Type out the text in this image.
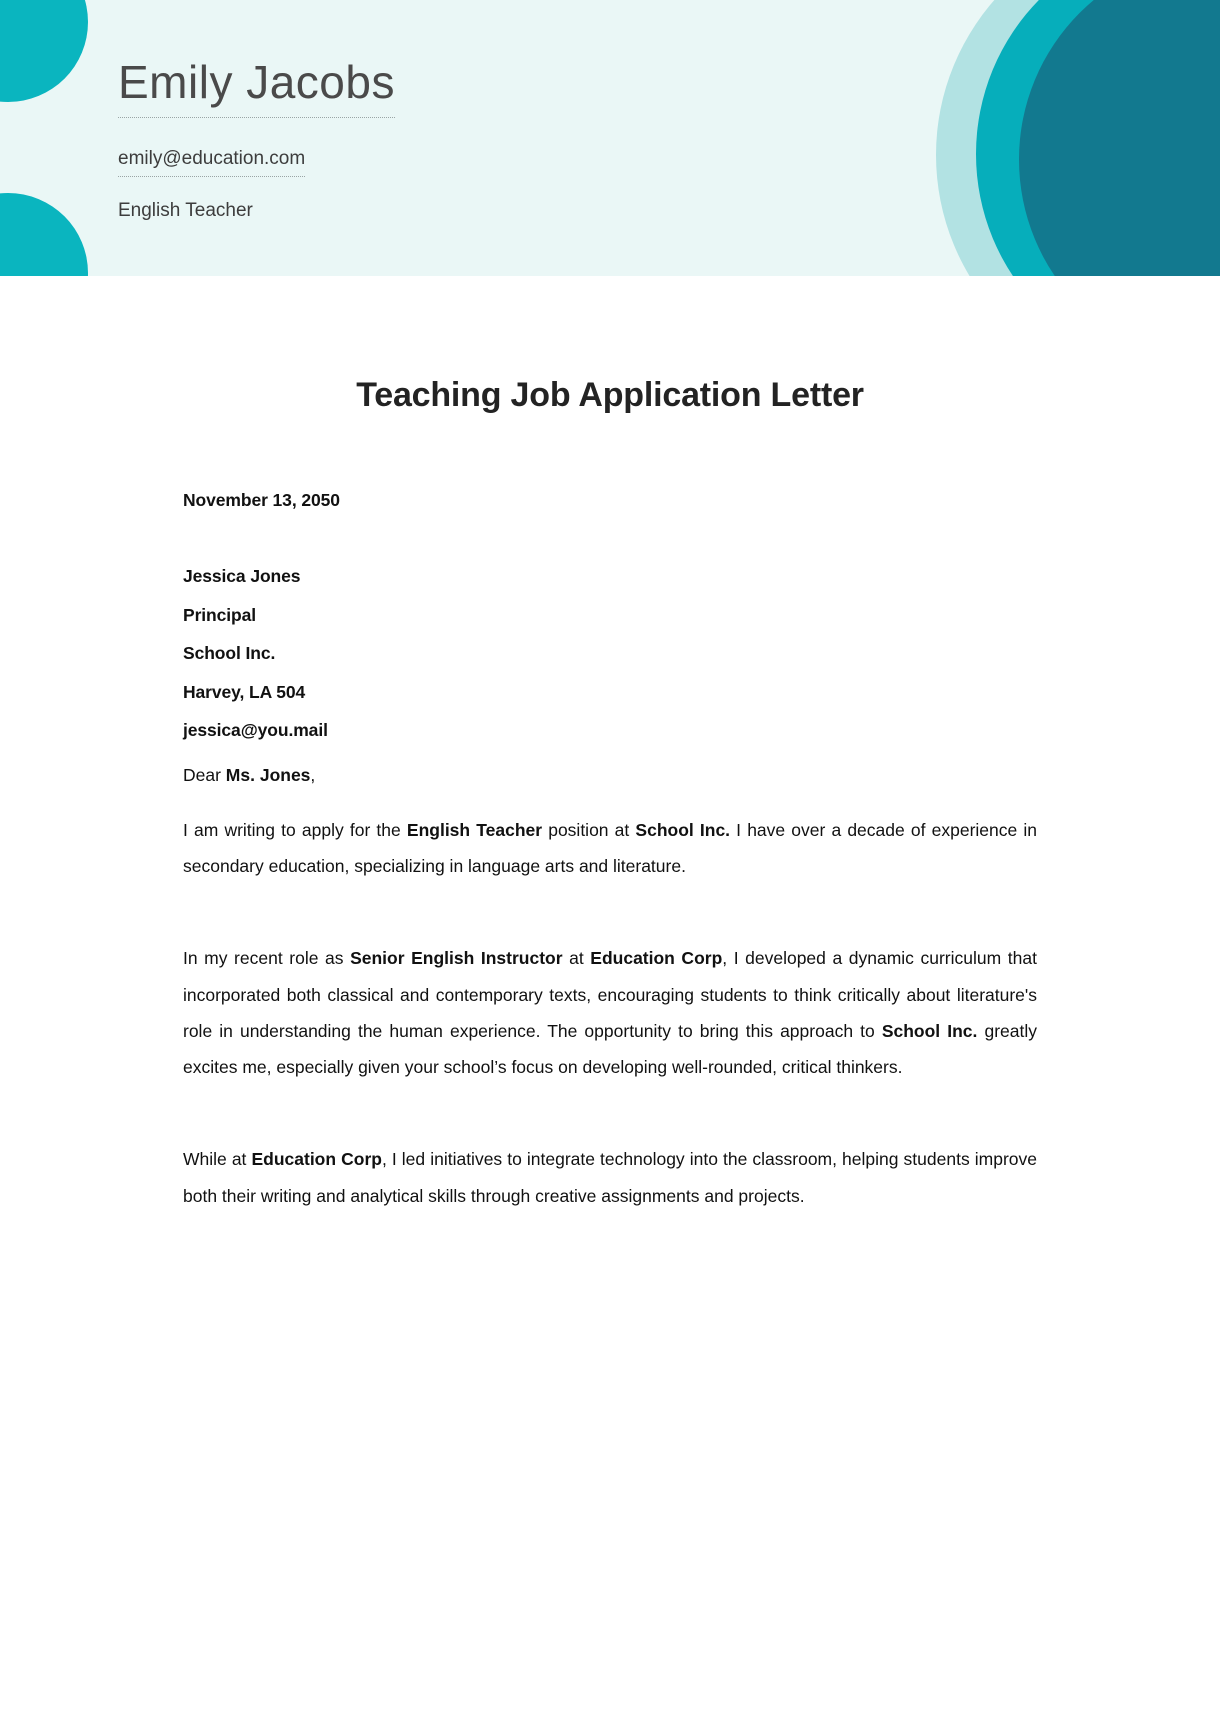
Emily Jacobs
emily@education.com
English Teacher
Teaching Job Application Letter
November 13, 2050
Jessica Jones
Principal
School Inc.
Harvey, LA 504
jessica@you.mail
Dear Ms. Jones,
I am writing to apply for the English Teacher position at School Inc. I have over a decade of experience in secondary education, specializing in language arts and literature.
In my recent role as Senior English Instructor at Education Corp, I developed a dynamic curriculum that incorporated both classical and contemporary texts, encouraging students to think critically about literature's role in understanding the human experience. The opportunity to bring this approach to School Inc. greatly excites me, especially given your school’s focus on developing well-rounded, critical thinkers.
While at Education Corp, I led initiatives to integrate technology into the classroom, helping students improve both their writing and analytical skills through creative assignments and projects.
